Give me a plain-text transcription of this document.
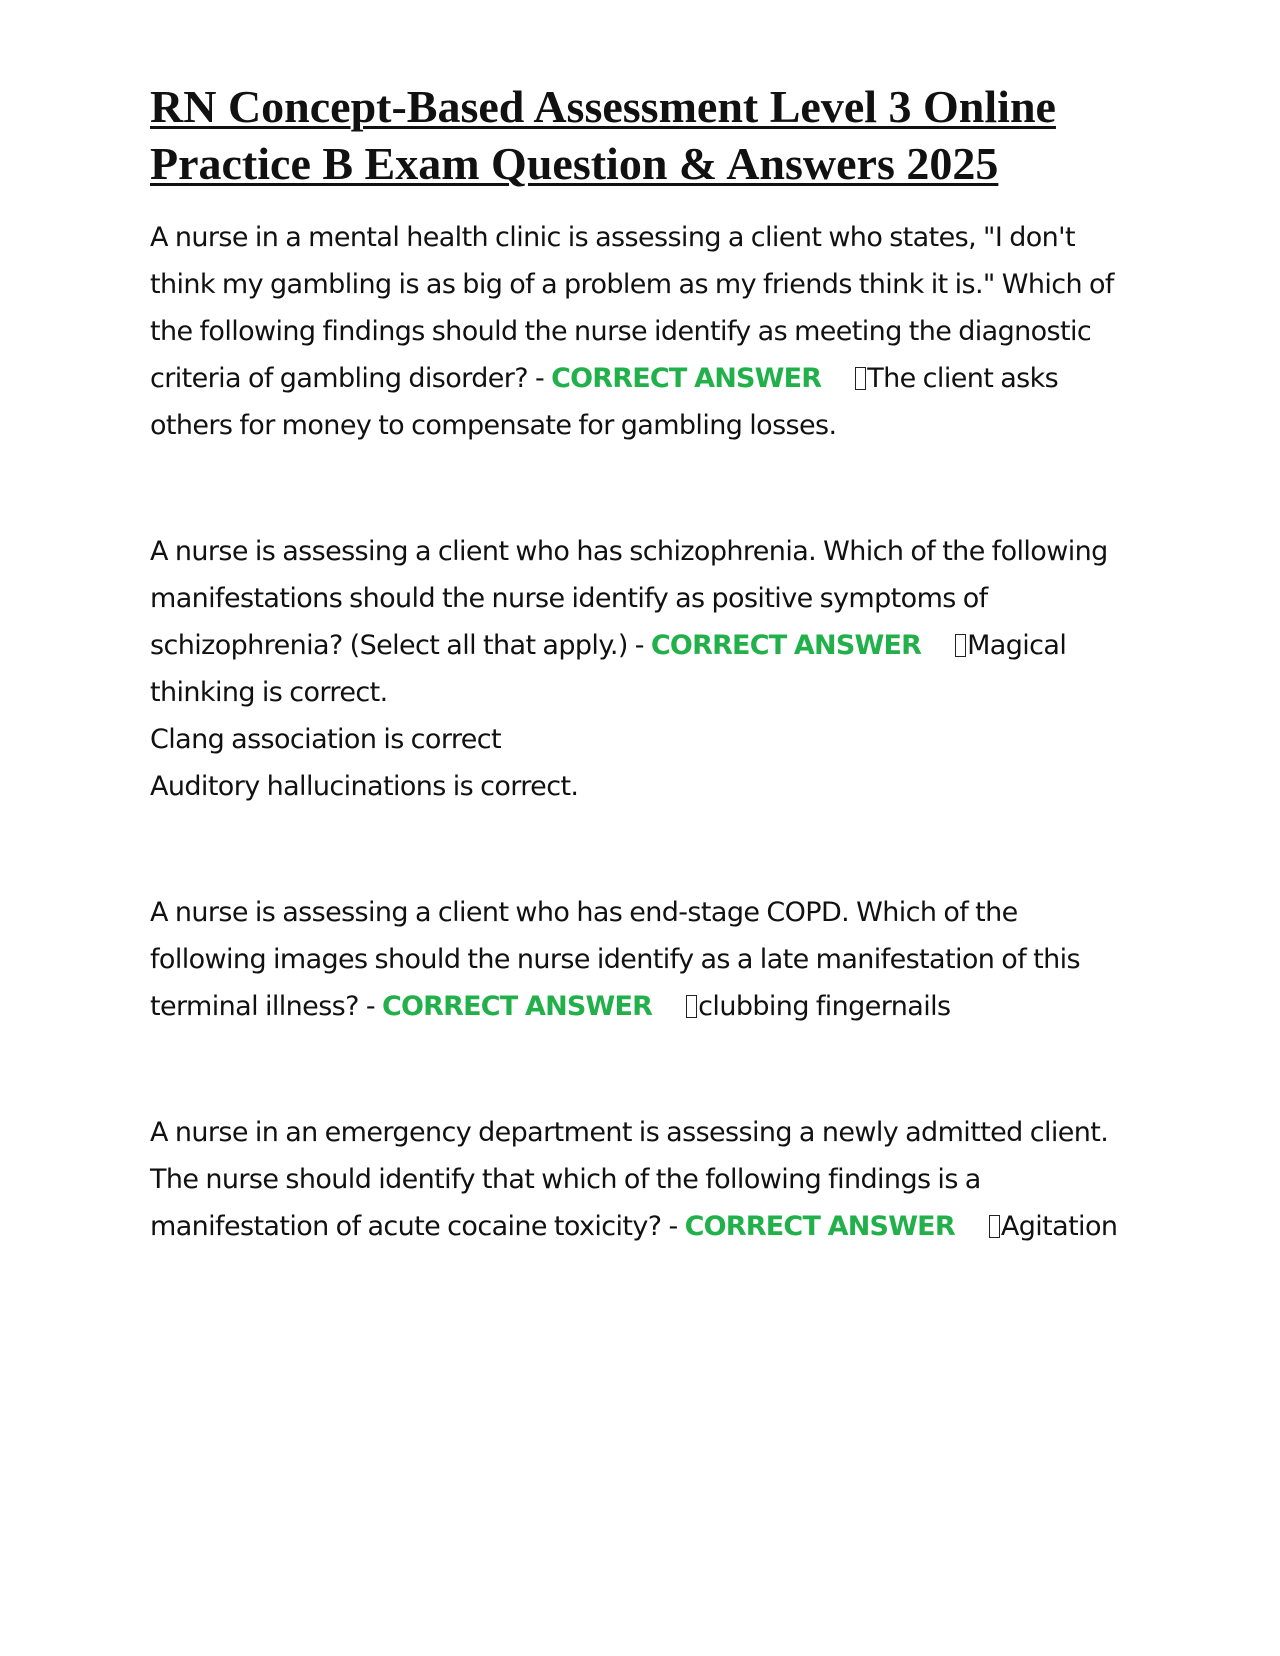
RN Concept-Based Assessment Level 3 Online Practice B Exam Question & Answers 2025

A nurse in a mental health clinic is assessing a client who states, "I don't think my gambling is as big of a problem as my friends think it is." Which of the following findings should the nurse identify as meeting the diagnostic criteria of gambling disorder? - CORRECT ANSWER The client asks others for money to compensate for gambling losses.

A nurse is assessing a client who has schizophrenia. Which of the following manifestations should the nurse identify as positive symptoms of schizophrenia? (Select all that apply.) - CORRECT ANSWER Magical thinking is correct.

Clang association is correct

Auditory hallucinations is correct.

A nurse is assessing a client who has end-stage COPD. Which of the following images should the nurse identify as a late manifestation of this terminal illness? - CORRECT ANSWER clubbing fingernails

A nurse in an emergency department is assessing a newly admitted client. The nurse should identify that which of the following findings is a manifestation of acute cocaine toxicity? - CORRECT ANSWER Agitation
